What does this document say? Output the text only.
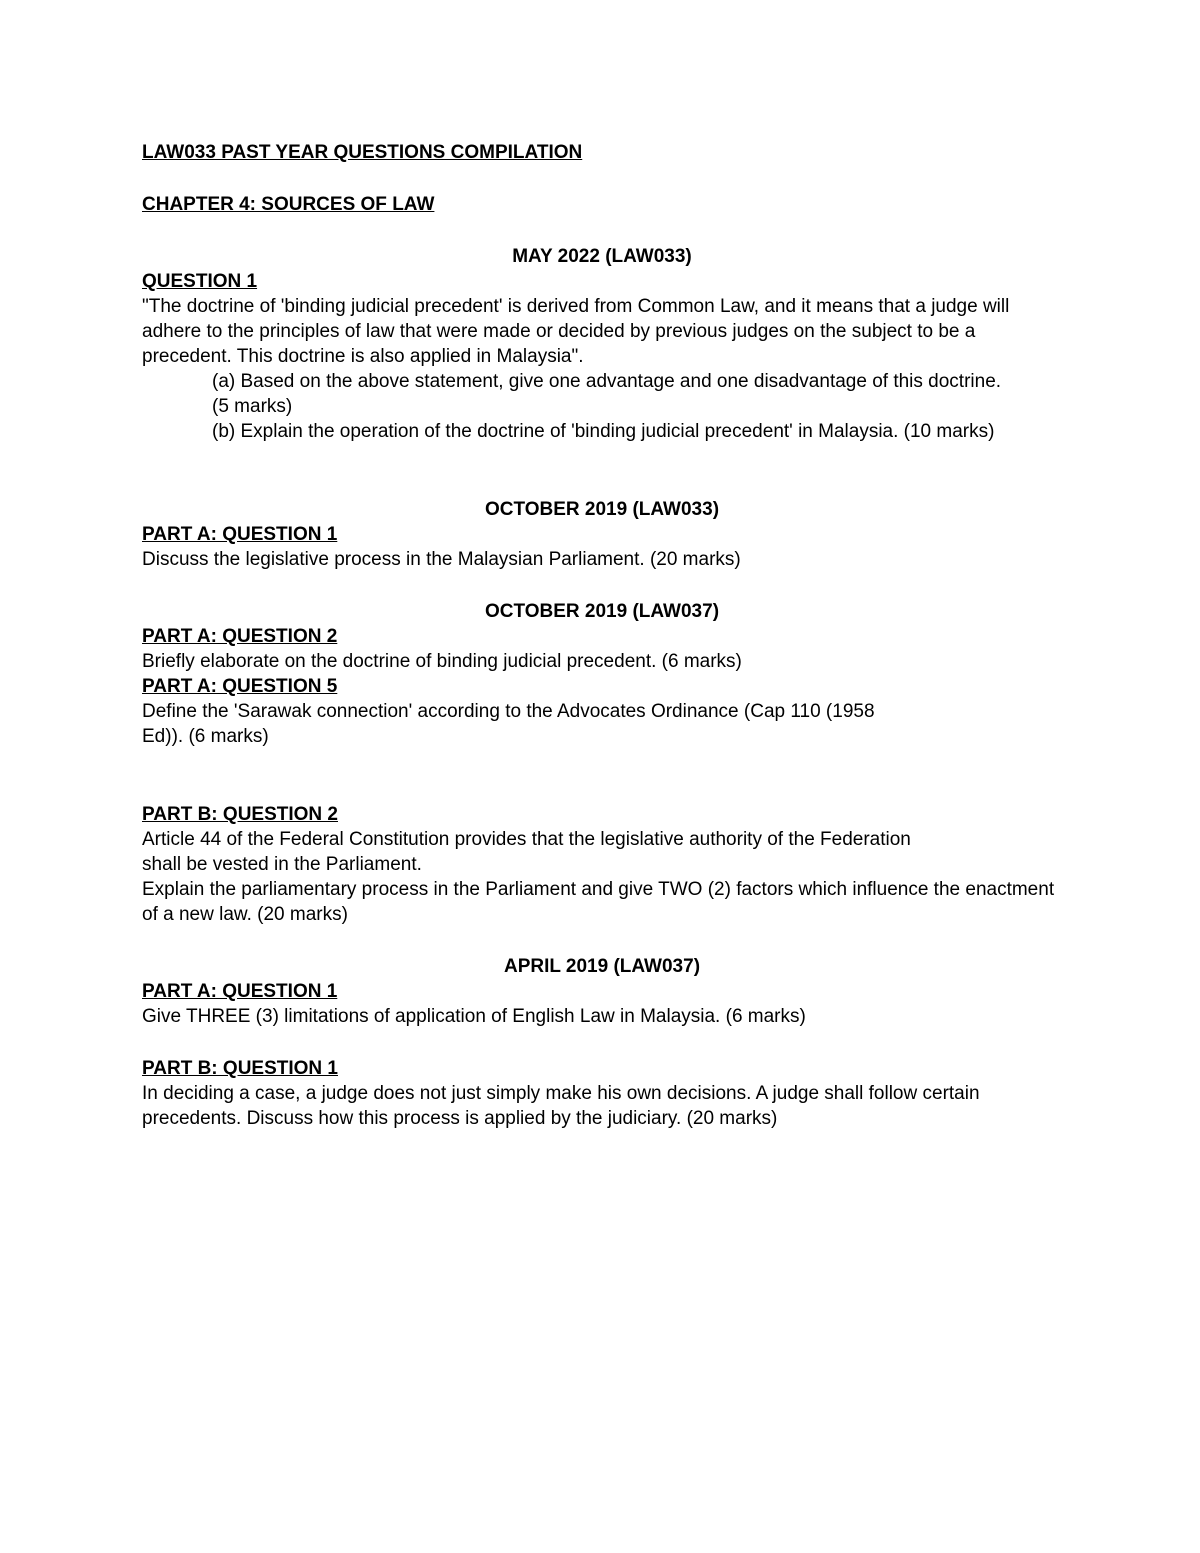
LAW033 PAST YEAR QUESTIONS COMPILATION

CHAPTER 4: SOURCES OF LAW

MAY 2022 (LAW033)

QUESTION 1

"The doctrine of 'binding judicial precedent' is derived from Common Law, and it means that a judge will adhere to the principles of law that were made or decided by previous judges on the subject to be a precedent. This doctrine is also applied in Malaysia".

(a) Based on the above statement, give one advantage and one disadvantage of this doctrine.

(5 marks)

(b) Explain the operation of the doctrine of 'binding judicial precedent' in Malaysia. (10 marks)

OCTOBER 2019 (LAW033)

PART A: QUESTION 1

Discuss the legislative process in the Malaysian Parliament. (20 marks)

OCTOBER 2019 (LAW037)

PART A: QUESTION 2

Briefly elaborate on the doctrine of binding judicial precedent. (6 marks)

PART A: QUESTION 5

Define the 'Sarawak connection' according to the Advocates Ordinance (Cap 110 (1958

Ed)). (6 marks)

PART B: QUESTION 2

Article 44 of the Federal Constitution provides that the legislative authority of the Federation

shall be vested in the Parliament.

Explain the parliamentary process in the Parliament and give TWO (2) factors which influence the enactment of a new law. (20 marks)

APRIL 2019 (LAW037)

PART A: QUESTION 1

Give THREE (3) limitations of application of English Law in Malaysia. (6 marks)

PART B: QUESTION 1

In deciding a case, a judge does not just simply make his own decisions. A judge shall follow certain precedents. Discuss how this process is applied by the judiciary. (20 marks)
